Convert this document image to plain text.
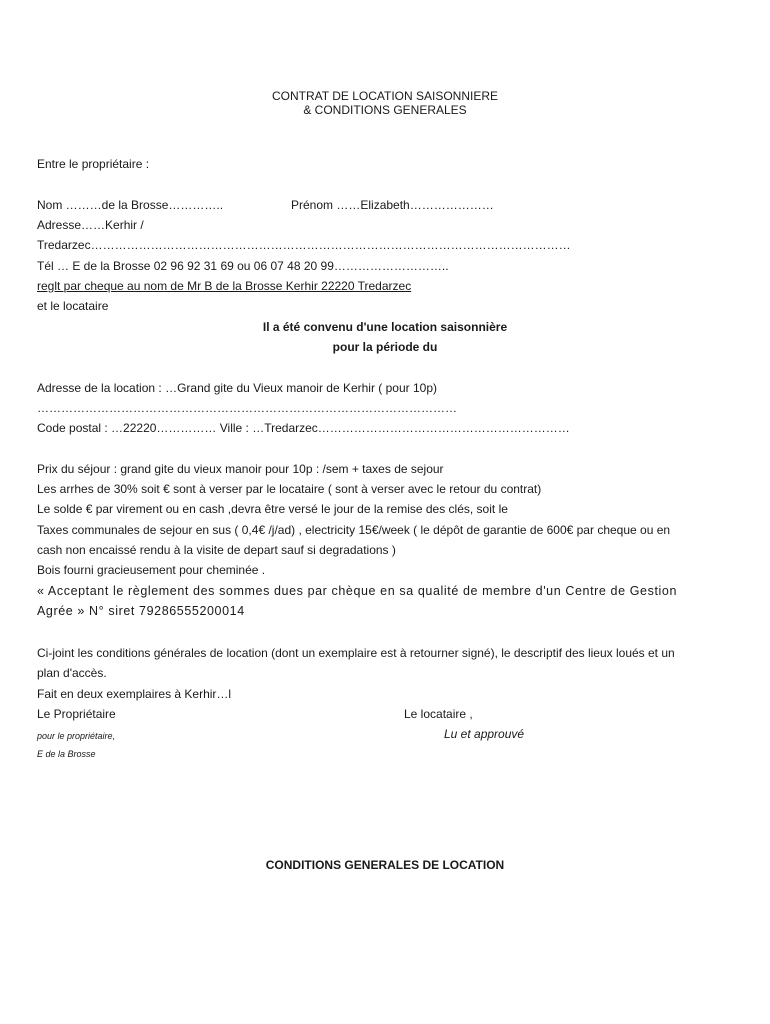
CONTRAT DE LOCATION SAISONNIERE
& CONDITIONS GENERALES
Entre le propriétaire :
Nom ………de la Brosse…………..	Prénom ……Elizabeth…………………
Adresse……Kerhir /
Tredarzec…………………………………………………………………………………………………………
Tél … E de la Brosse 02 96 92 31 69 ou 06 07 48 20 99………………………..
reglt par cheque au nom de Mr B de la Brosse Kerhir 22220 Tredarzec
et le locataire
Il a été convenu d'une location saisonnière
pour la période du
Adresse de la location : …Grand gite du Vieux manoir de Kerhir ( pour 10p)
……………………………………………………………………………………………
Code postal : …22220…………… Ville : …Tredarzec………………………………………………………
Prix du séjour : grand gite du vieux manoir pour 10p : /sem + taxes de sejour
Les arrhes de 30% soit € sont à verser par le locataire ( sont à verser avec le retour du contrat)
Le solde € par virement ou en cash ,devra être versé le jour de la remise des clés, soit le
Taxes communales de sejour en sus ( 0,4€ /j/ad) , electricity 15€/week ( le dépôt de garantie de 600€ par cheque ou en
cash non encaissé rendu à la visite de depart sauf si degradations )
Bois fourni gracieusement pour cheminée .
« Acceptant le règlement des sommes dues par chèque en sa qualité de membre d'un Centre de Gestion
Agrée » N° siret 79286555200014
Ci-joint les conditions générales de location (dont un exemplaire est à retourner signé), le descriptif des lieux loués et un
plan d'accès.
Fait en deux exemplaires à Kerhir…l
Le Propriétaire	Le locataire ,
pour le propriétaire,	Lu et approuvé
E de la Brosse
CONDITIONS GENERALES DE LOCATION
